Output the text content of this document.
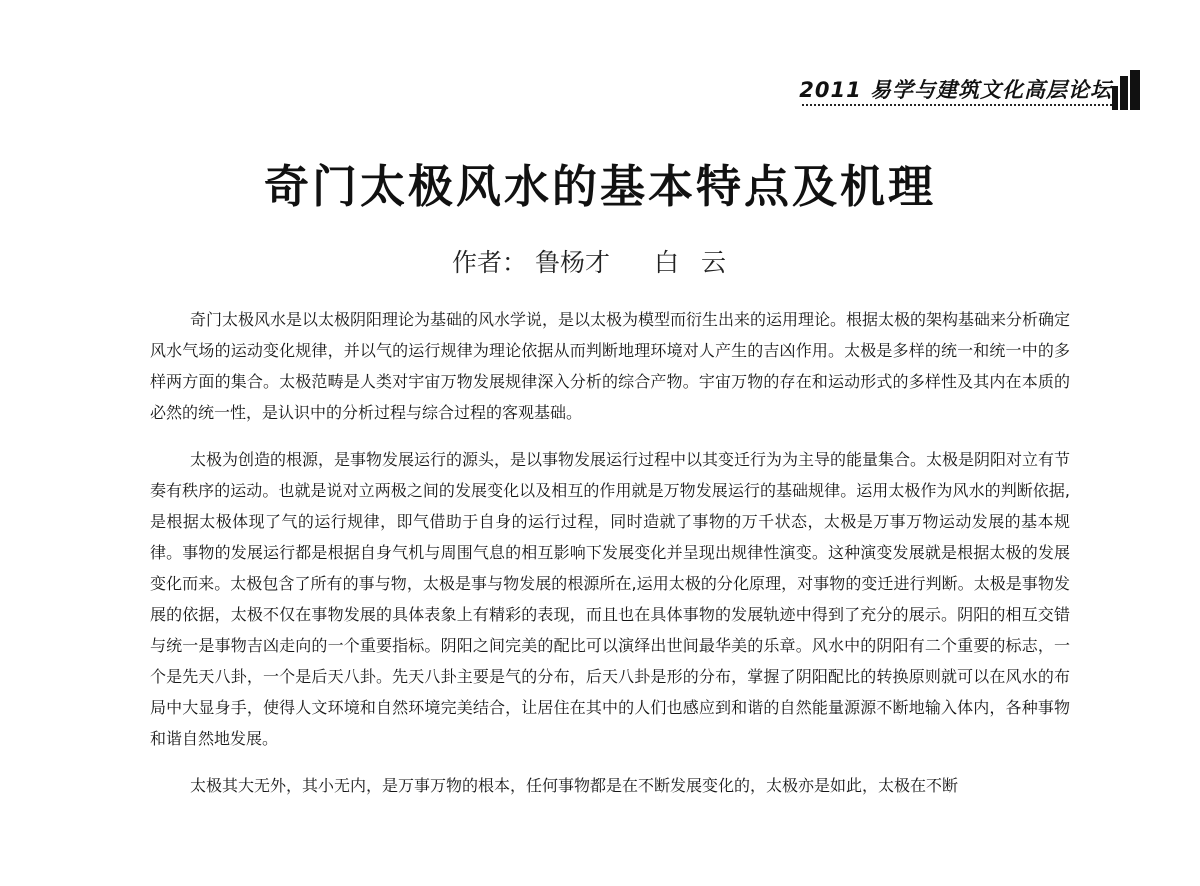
2011 易学与建筑文化高层论坛
奇门太极风水的基本特点及机理

作者： 鲁杨才 白云

奇门太极风水是以太极阴阳理论为基础的风水学说，是以太极为模型而衍生出来的运用理论。根据太极的架构基础来分析确定风水气场的运动变化规律，并以气的运行规律为理论依据从而判断地理环境对人产生的吉凶作用。太极是多样的统一和统一中的多样两方面的集合。太极范畴是人类对宇宙万物发展规律深入分析的综合产物。宇宙万物的存在和运动形式的多样性及其内在本质的必然的统一性，是认识中的分析过程与综合过程的客观基础。

太极为创造的根源，是事物发展运行的源头，是以事物发展运行过程中以其变迁行为为主导的能量集合。太极是阴阳对立有节奏有秩序的运动。也就是说对立两极之间的发展变化以及相互的作用就是万物发展运行的基础规律。运用太极作为风水的判断依据,是根据太极体现了气的运行规律，即气借助于自身的运行过程，同时造就了事物的万千状态，太极是万事万物运动发展的基本规律。事物的发展运行都是根据自身气机与周围气息的相互影响下发展变化并呈现出规律性演变。这种演变发展就是根据太极的发展变化而来。太极包含了所有的事与物，太极是事与物发展的根源所在,运用太极的分化原理，对事物的变迁进行判断。太极是事物发展的依据，太极不仅在事物发展的具体表象上有精彩的表现，而且也在具体事物的发展轨迹中得到了充分的展示。阴阳的相互交错与统一是事物吉凶走向的一个重要指标。阴阳之间完美的配比可以演绎出世间最华美的乐章。风水中的阴阳有二个重要的标志，一个是先天八卦，一个是后天八卦。先天八卦主要是气的分布，后天八卦是形的分布，掌握了阴阳配比的转换原则就可以在风水的布局中大显身手，使得人文环境和自然环境完美结合，让居住在其中的人们也感应到和谐的自然能量源源不断地输入体内，各种事物和谐自然地发展。

太极其大无外，其小无内，是万事万物的根本，任何事物都是在不断发展变化的，太极亦是如此，太极在不断
